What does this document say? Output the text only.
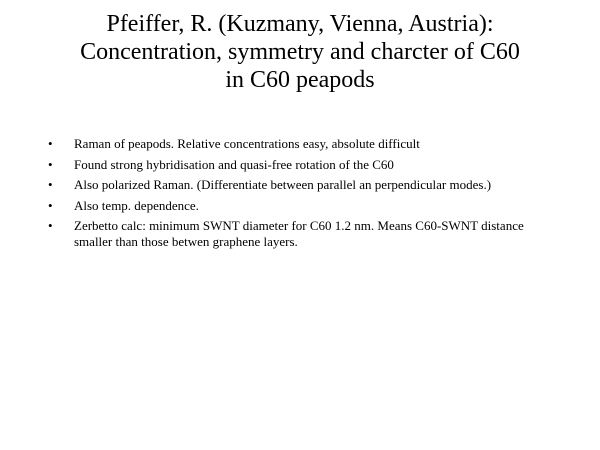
Pfeiffer, R. (Kuzmany, Vienna, Austria):
Concentration, symmetry and charcter of C60
in C60 peapods
•	Raman of peapods. Relative concentrations easy, absolute difficult
•	Found strong hybridisation and quasi-free rotation of the C60
•	Also polarized Raman. (Differentiate between parallel an perpendicular modes.)
•	Also temp. dependence.
•	Zerbetto calc: minimum SWNT diameter for C60 1.2 nm. Means C60-SWNT distance smaller than those betwen graphene layers.
